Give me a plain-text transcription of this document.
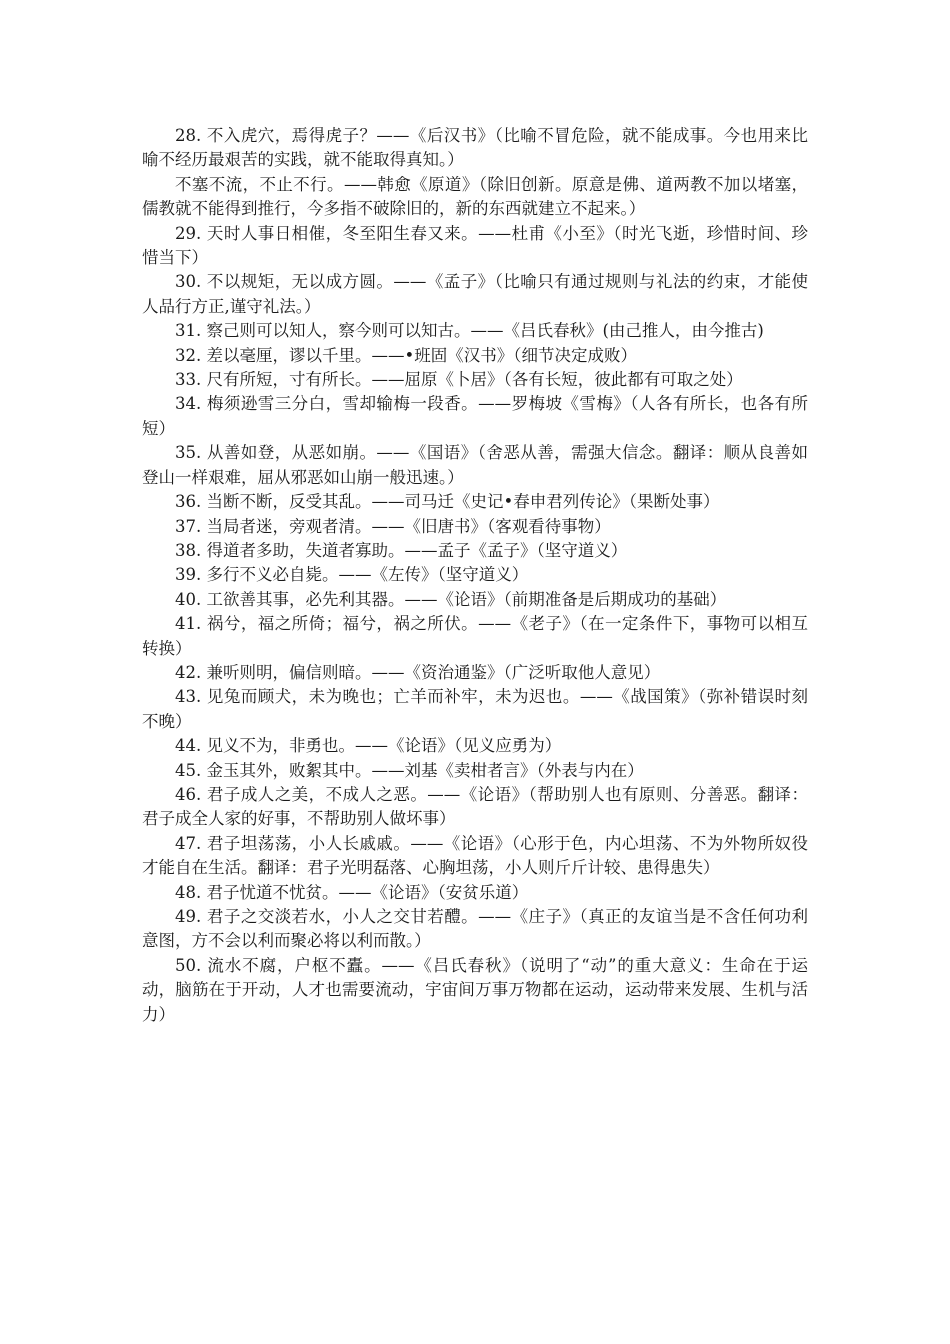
28. 不入虎穴，焉得虎子？——《后汉书》（比喻不冒危险，就不能成事。今也用来比喻不经历最艰苦的实践，就不能取得真知。）

不塞不流，不止不行。——韩愈《原道》（除旧创新。原意是佛、道两教不加以堵塞，儒教就不能得到推行，今多指不破除旧的，新的东西就建立不起来。）

29. 天时人事日相催，冬至阳生春又来。——杜甫《小至》（时光飞逝，珍惜时间、珍惜当下）

30. 不以规矩，无以成方圆。——《孟子》（比喻只有通过规则与礼法的约束，才能使人品行方正,谨守礼法。）

31. 察己则可以知人，察今则可以知古。——《吕氏春秋》(由己推人，由今推古)

32. 差以毫厘，谬以千里。——•班固《汉书》（细节决定成败）

33. 尺有所短，寸有所长。——屈原《卜居》（各有长短，彼此都有可取之处）

34. 梅须逊雪三分白，雪却输梅一段香。——罗梅坡《雪梅》（人各有所长，也各有所短）

35. 从善如登，从恶如崩。——《国语》（舍恶从善，需强大信念。翻译：顺从良善如登山一样艰难，屈从邪恶如山崩一般迅速。）

36. 当断不断，反受其乱。——司马迁《史记•春申君列传论》（果断处事）

37. 当局者迷，旁观者清。——《旧唐书》（客观看待事物）

38. 得道者多助，失道者寡助。——孟子《孟子》（坚守道义）

39. 多行不义必自毙。——《左传》（坚守道义）

40. 工欲善其事，必先利其器。——《论语》（前期准备是后期成功的基础）

41. 祸兮，福之所倚；福兮，祸之所伏。——《老子》（在一定条件下，事物可以相互转换）

42. 兼听则明，偏信则暗。——《资治通鉴》（广泛听取他人意见）

43. 见兔而顾犬，未为晚也；亡羊而补牢，未为迟也。——《战国策》（弥补错误时刻不晚）

44. 见义不为，非勇也。——《论语》（见义应勇为）

45. 金玉其外，败絮其中。——刘基《卖柑者言》（外表与内在）

46. 君子成人之美，不成人之恶。——《论语》（帮助别人也有原则、分善恶。翻译：君子成全人家的好事，不帮助别人做坏事）

47. 君子坦荡荡，小人长戚戚。——《论语》（心形于色，内心坦荡、不为外物所奴役才能自在生活。翻译：君子光明磊落、心胸坦荡，小人则斤斤计较、患得患失）

48. 君子忧道不忧贫。——《论语》（安贫乐道）

49. 君子之交淡若水，小人之交甘若醴。——《庄子》（真正的友谊当是不含任何功利意图，方不会以利而聚必将以利而散。）

50. 流水不腐，户枢不蠹。——《吕氏春秋》（说明了“动”的重大意义：生命在于运动，脑筋在于开动，人才也需要流动，宇宙间万事万物都在运动，运动带来发展、生机与活力）
